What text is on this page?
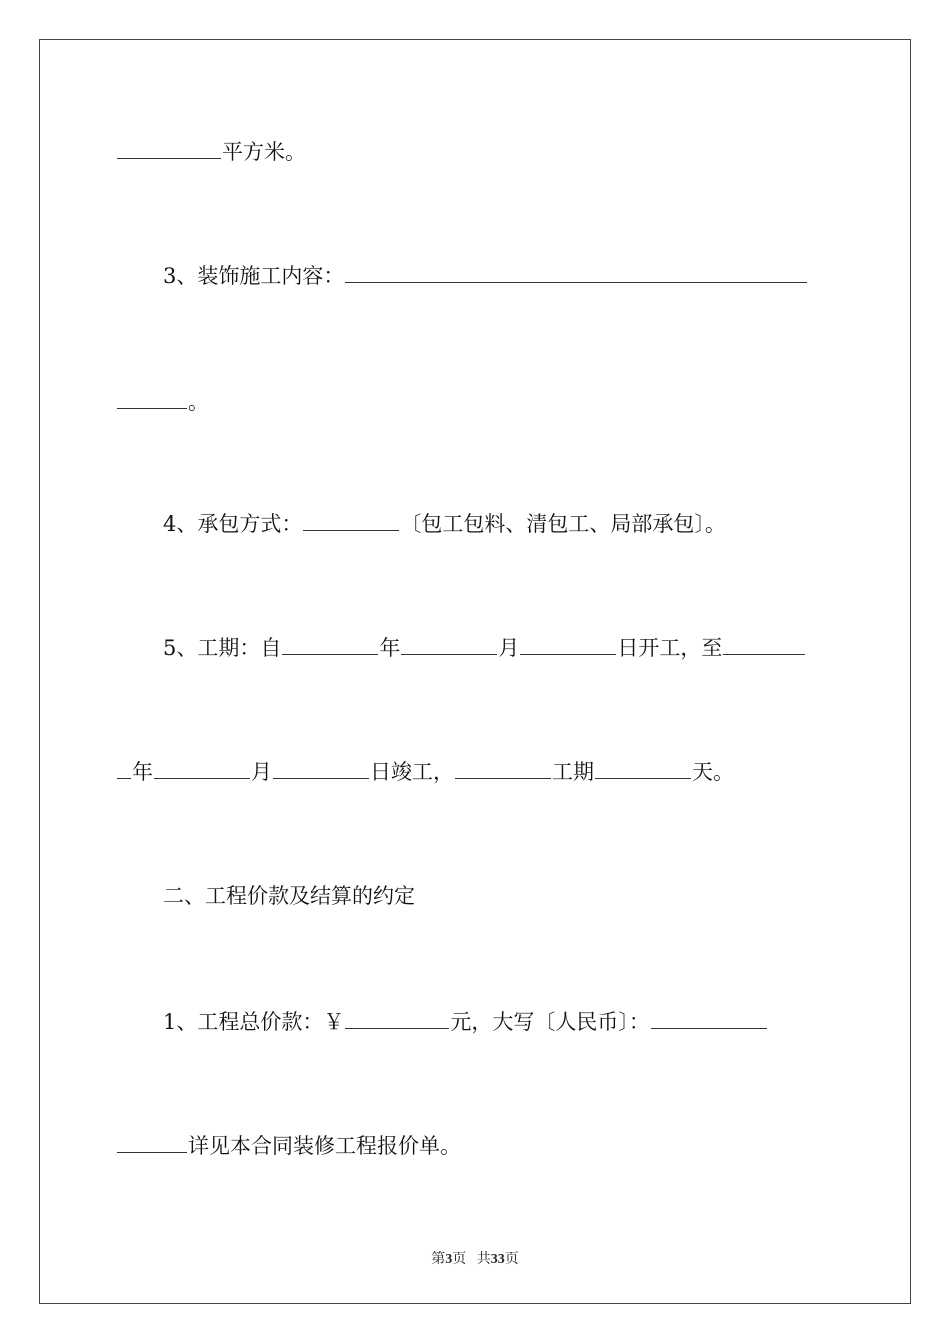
平方米。
3、装饰施工内容：
。
4、承包方式：	〔包工包料、清包工、局部承包〕。
5、工期：自	年	月	日开工，至
年	月	日竣工，	工期	天。
二、工程价款及结算的约定
1、工程总价款：￥	元，大写〔人民币〕：
详见本合同装修工程报价单。
第3页 共33页
